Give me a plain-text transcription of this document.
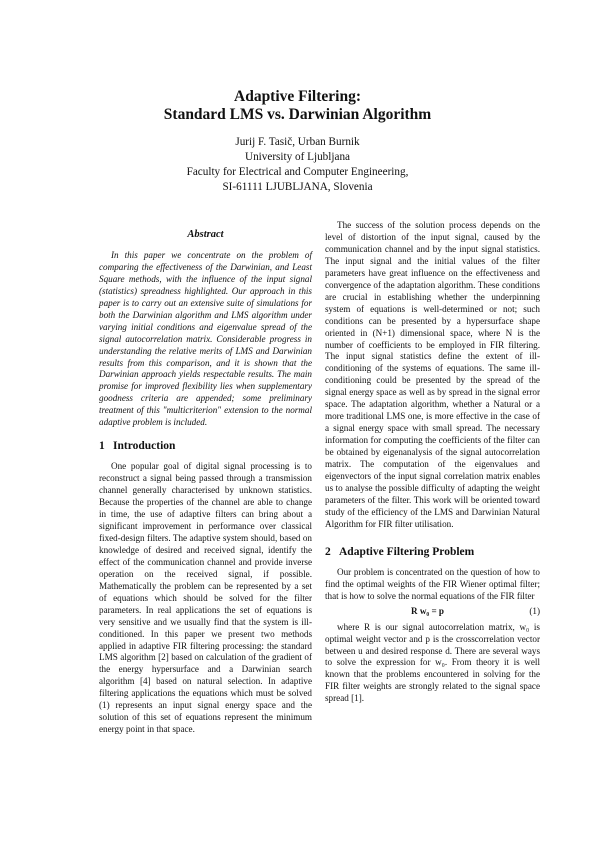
Adaptive Filtering:
Standard LMS vs. Darwinian Algorithm
Jurij F. Tasič, Urban Burnik
University of Ljubljana
Faculty for Electrical and Computer Engineering,
SI-61111 LJUBLJANA, Slovenia
Abstract

In this paper we concentrate on the problem of comparing the effectiveness of the Darwinian, and Least Square methods, with the influence of the input signal (statistics) spreadness highlighted. Our approach in this paper is to carry out an extensive suite of simulations for both the Darwinian algorithm and LMS algorithm under varying initial conditions and eigenvalue spread of the signal autocorrelation matrix. Considerable progress in understanding the relative merits of LMS and Darwinian results from this comparison, and it is shown that the Darwinian approach yields respectable results. The main promise for improved flexibility lies when supplementary goodness criteria are appended; some preliminary treatment of this "multicriterion" extension to the normal adaptive problem is included.

1 Introduction

One popular goal of digital signal processing is to reconstruct a signal being passed through a transmission channel generally characterised by unknown statistics. Because the properties of the channel are able to change in time, the use of adaptive filters can bring about a significant improvement in performance over classical fixed-design filters. The adaptive system should, based on knowledge of desired and received signal, identify the effect of the communication channel and provide inverse operation on the received signal, if possible. Mathematically the problem can be represented by a set of equations which should be solved for the filter parameters. In real applications the set of equations is very sensitive and we usually find that the system is ill-conditioned. In this paper we present two methods applied in adaptive FIR filtering processing: the standard LMS algorithm [2] based on calculation of the gradient of the energy hypersurface and a Darwinian search algorithm [4] based on natural selection. In adaptive filtering applications the equations which must be solved (1) represents an input signal energy space and the solution of this set of equations represent the minimum energy point in that space.

The success of the solution process depends on the level of distortion of the input signal, caused by the communication channel and by the input signal statistics. The input signal and the initial values of the filter parameters have great influence on the effectiveness and convergence of the adaptation algorithm. These conditions are crucial in establishing whether the underpinning system of equations is well-determined or not; such conditions can be presented by a hypersurface shape oriented in (N+1) dimensional space, where N is the number of coefficients to be employed in FIR filtering. The input signal statistics define the extent of ill-conditioning of the systems of equations. The same ill-conditioning could be presented by the spread of the signal energy space as well as by spread in the signal error space. The adaptation algorithm, whether a Natural or a more traditional LMS one, is more effective in the case of a signal energy space with small spread. The necessary information for computing the coefficients of the filter can be obtained by eigenanalysis of the signal autocorrelation matrix. The computation of the eigenvalues and eigenvectors of the input signal correlation matrix enables us to analyse the possible difficulty of adapting the weight parameters of the filter. This work will be oriented toward study of the efficiency of the LMS and Darwinian Natural Algorithm for FIR filter utilisation.

2 Adaptive Filtering Problem

Our problem is concentrated on the question of how to find the optimal weights of the FIR Wiener optimal filter; that is how to solve the normal equations of the FIR filter

R w₀ = p	(1)

where R is our signal autocorrelation matrix, w₀ is optimal weight vector and p is the crosscorrelation vector between u and desired response d. There are several ways to solve the expression for w₀. From theory it is well known that the problems encountered in solving for the FIR filter weights are strongly related to the signal space spread [1].
